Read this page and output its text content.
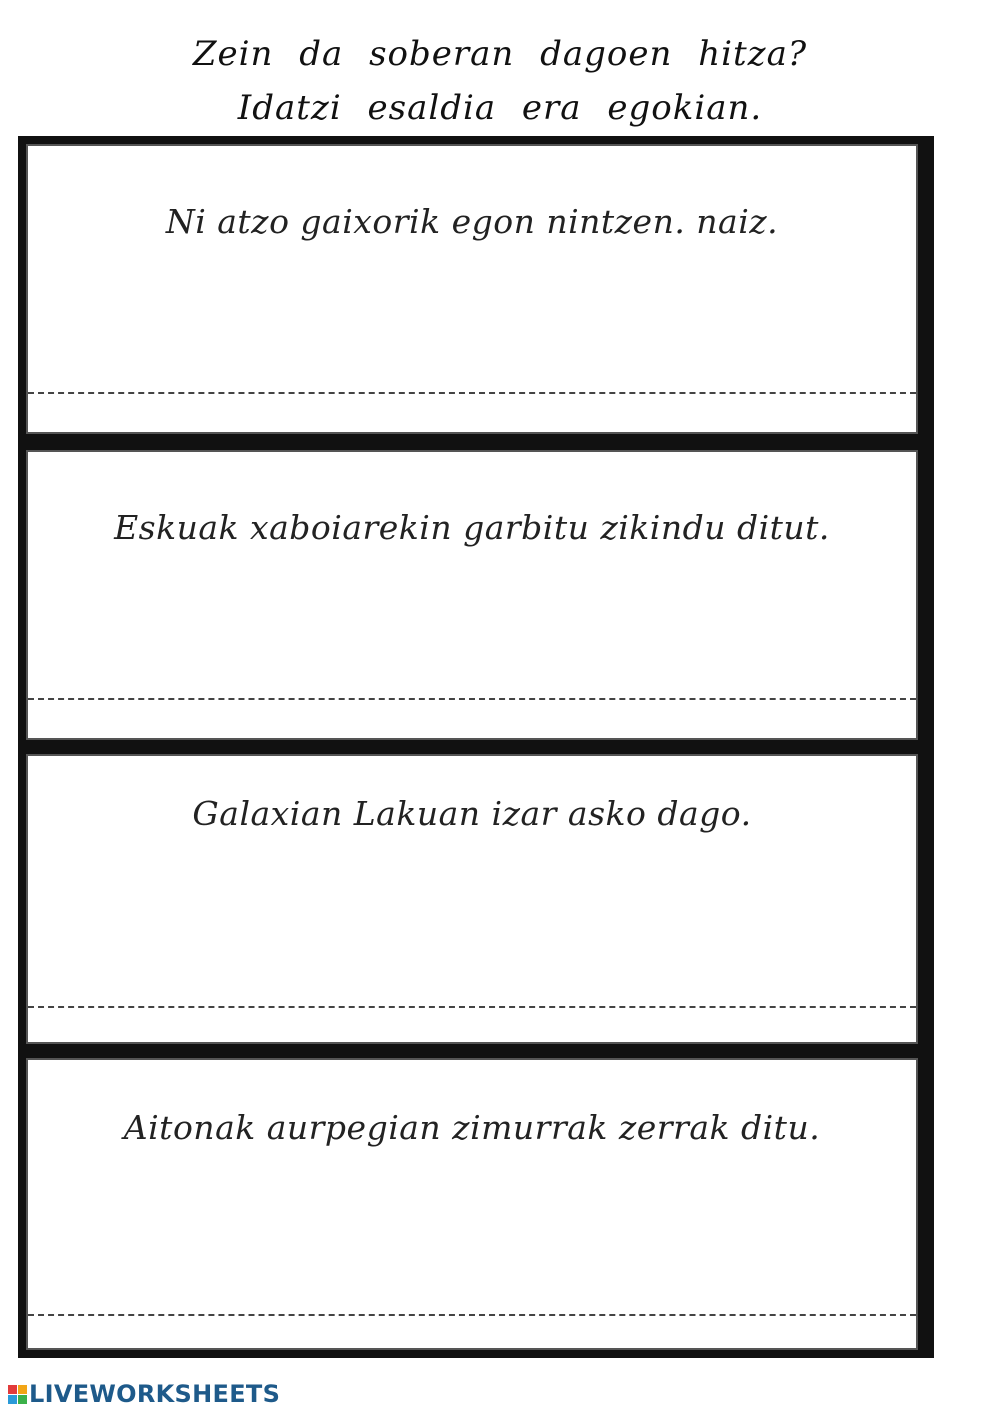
Zein da soberan dagoen hitza?
Idatzi esaldia era egokian.
Ni atzo gaixorik egon nintzen. naiz.
Eskuak xaboiarekin garbitu zikindu ditut.
Galaxian Lakuan izar asko dago.
Aitonak aurpegian zimurrak zerrak ditu.
LIVEWORKSHEETS
